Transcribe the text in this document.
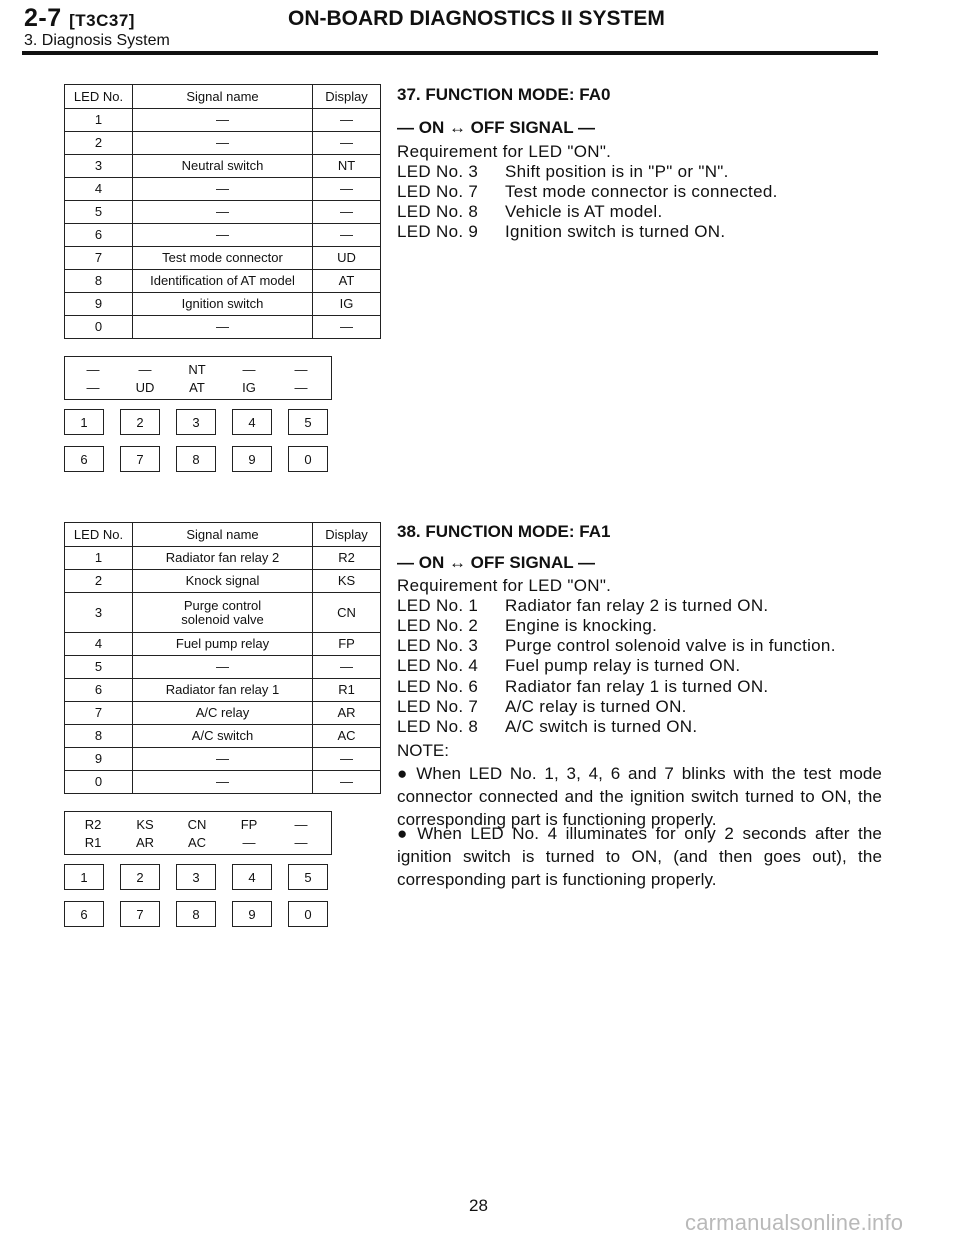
2-7 [T3C37]	ON-BOARD DIAGNOSTICS II SYSTEM
3. Diagnosis System
LED No.	Signal name	Display
1	—	—
2	—	—
3	Neutral switch	NT
4	—	—
5	—	—
6	—	—
7	Test mode connector	UD
8	Identification of AT model	AT
9	Ignition switch	IG
0	—	—
—	—	NT	—	—
—	UD	AT	IG	—
1	2	3	4	5
6	7	8	9	0
37. FUNCTION MODE: FA0
— ON ↔ OFF SIGNAL —
Requirement for LED "ON".
LED No. 3 Shift position is in "P" or "N".
LED No. 7 Test mode connector is connected.
LED No. 8 Vehicle is AT model.
LED No. 9 Ignition switch is turned ON.
LED No.	Signal name	Display
1	Radiator fan relay 2	R2
2	Knock signal	KS
3	Purge control solenoid valve	CN
4	Fuel pump relay	FP
5	—	—
6	Radiator fan relay 1	R1
7	A/C relay	AR
8	A/C switch	AC
9	—	—
0	—	—
R2	KS	CN	FP	—
R1	AR	AC	—	—
1	2	3	4	5
6	7	8	9	0
38. FUNCTION MODE: FA1
— ON ↔ OFF SIGNAL —
Requirement for LED "ON".
LED No. 1 Radiator fan relay 2 is turned ON.
LED No. 2 Engine is knocking.
LED No. 3 Purge control solenoid valve is in function.
LED No. 4 Fuel pump relay is turned ON.
LED No. 6 Radiator fan relay 1 is turned ON.
LED No. 7 A/C relay is turned ON.
LED No. 8 A/C switch is turned ON.
NOTE:
● When LED No. 1, 3, 4, 6 and 7 blinks with the test mode connector connected and the ignition switch turned to ON, the corresponding part is functioning properly.
● When LED No. 4 illuminates for only 2 seconds after the ignition switch is turned to ON, (and then goes out), the corresponding part is functioning properly.
28
carmanualsonline.info
